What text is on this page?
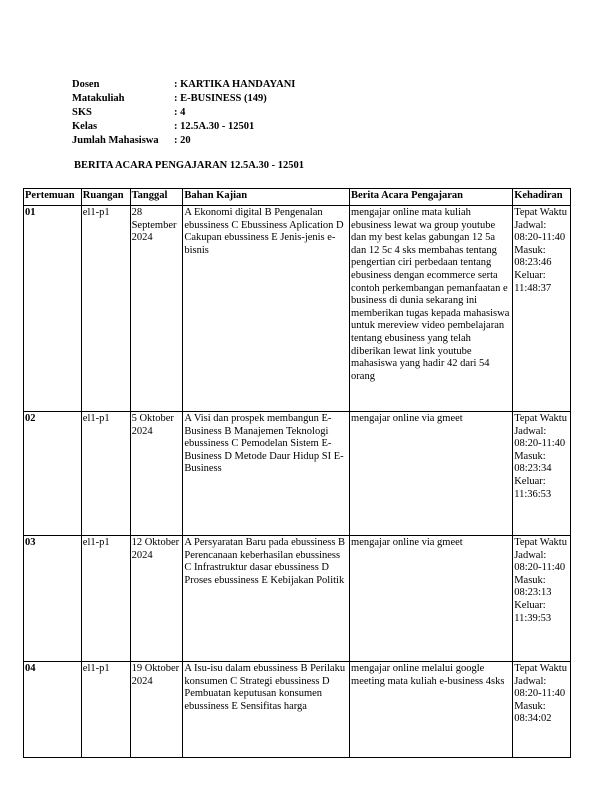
Dosen	: KARTIKA HANDAYANI
Matakuliah	: E-BUSINESS (149)
SKS	: 4
Kelas	: 12.5A.30 - 12501
Jumlah Mahasiswa	: 20
BERITA ACARA PENGAJARAN 12.5A.30 - 12501
Pertemuan	Ruangan	Tanggal	Bahan Kajian	Berita Acara Pengajaran	Kehadiran
01	el1-p1	28 September 2024	A Ekonomi digital B Pengenalan ebussiness C Ebussiness Aplication D Cakupan ebussiness E Jenis-jenis e-bisnis	mengajar online mata kuliah ebusiness lewat wa group youtube dan my best kelas gabungan 12 5a dan 12 5c 4 sks membahas tentang pengertian ciri perbedaan tentang ebusiness dengan ecommerce serta contoh perkembangan pemanfaatan e business di dunia sekarang ini memberikan tugas kepada mahasiswa untuk mereview video pembelajaran tentang ebusiness yang telah diberikan lewat link youtube mahasiswa yang hadir 42 dari 54 orang	Tepat Waktu Jadwal: 08:20-11:40 Masuk: 08:23:46 Keluar: 11:48:37
02	el1-p1	5 Oktober 2024	A Visi dan prospek membangun E- Business B Manajemen Teknologi ebussiness C Pemodelan Sistem E- Business D Metode Daur Hidup SI E-Business	mengajar online via gmeet	Tepat Waktu Jadwal: 08:20-11:40 Masuk: 08:23:34 Keluar: 11:36:53
03	el1-p1	12 Oktober 2024	A Persyaratan Baru pada ebussiness B Perencanaan keberhasilan ebussiness C Infrastruktur dasar ebussiness D Proses ebussiness E Kebijakan Politik	mengajar online via gmeet	Tepat Waktu Jadwal: 08:20-11:40 Masuk: 08:23:13 Keluar: 11:39:53
04	el1-p1	19 Oktober 2024	A Isu-isu dalam ebussiness B Perilaku konsumen C Strategi ebussiness D Pembuatan keputusan konsumen ebussiness E Sensifitas harga	mengajar online melalui google meeting mata kuliah e-business 4sks	Tepat Waktu Jadwal: 08:20-11:40 Masuk: 08:34:02
